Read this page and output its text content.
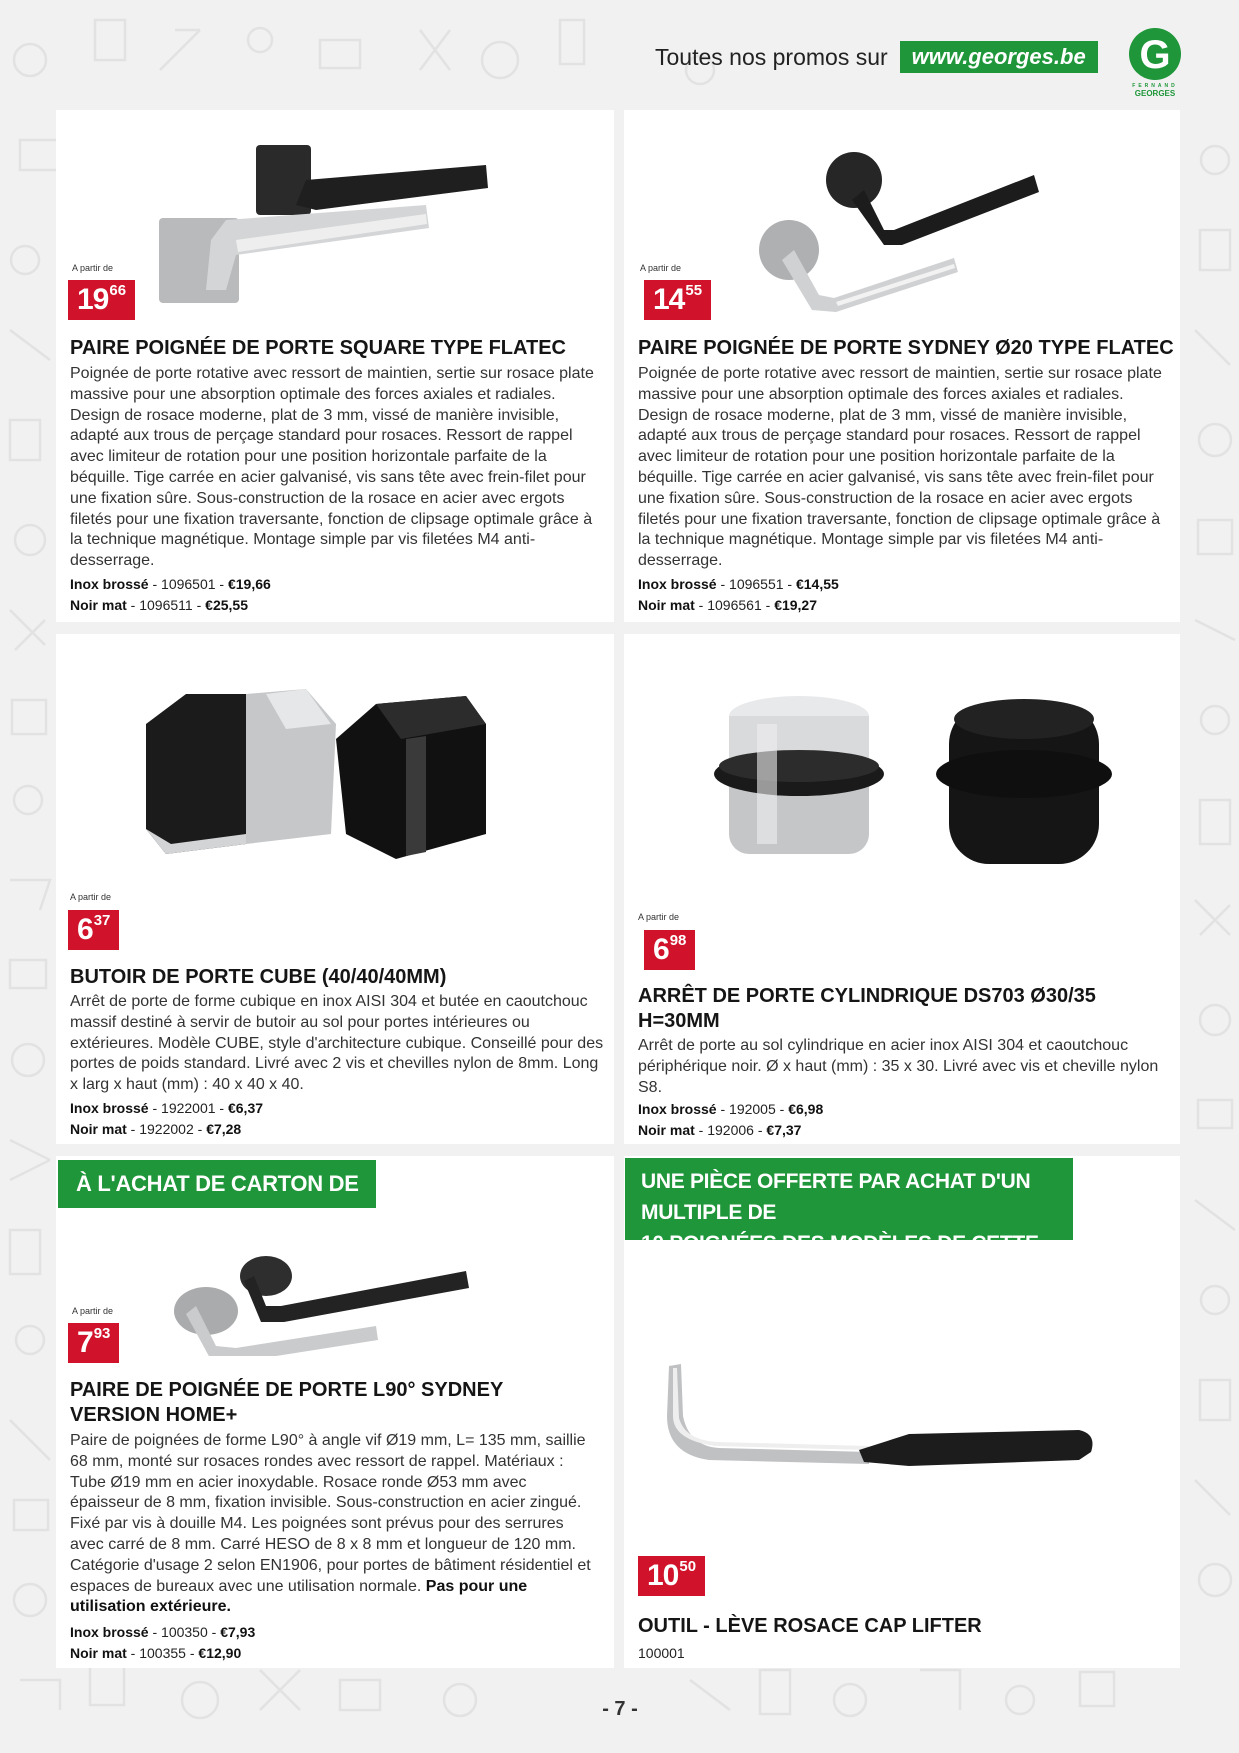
Toutes nos promos sur	www.georges.be	G
FERNAND
GEORGES
A partir de
19 66
PAIRE POIGNÉE DE PORTE SQUARE TYPE FLATEC
Poignée de porte rotative avec ressort de maintien, sertie sur rosace plate massive pour une absorption optimale des forces axiales et radiales. Design de rosace moderne, plat de 3 mm, vissé de manière invisible, adapté aux trous de perçage standard pour rosaces. Ressort de rappel avec limiteur de rotation pour une position horizontale parfaite de la béquille. Tige carrée en acier galvanisé, vis sans tête avec frein-filet pour une fixation sûre. Sous-construction de la rosace en acier avec ergots filetés pour une fixation traversante, fonction de clipsage optimale grâce à la technique magnétique. Montage simple par vis filetées M4 anti-desserrage.
Inox brossé - 1096501 - €19,66
Noir mat - 1096511 - €25,55
A partir de
14 55
PAIRE POIGNÉE DE PORTE SYDNEY Ø20 TYPE FLATEC
Poignée de porte rotative avec ressort de maintien, sertie sur rosace plate massive pour une absorption optimale des forces axiales et radiales. Design de rosace moderne, plat de 3 mm, vissé de manière invisible, adapté aux trous de perçage standard pour rosaces. Ressort de rappel avec limiteur de rotation pour une position horizontale parfaite de la béquille. Tige carrée en acier galvanisé, vis sans tête avec frein-filet pour une fixation sûre. Sous-construction de la rosace en acier avec ergots filetés pour une fixation traversante, fonction de clipsage optimale grâce à la technique magnétique. Montage simple par vis filetées M4 anti-desserrage.
Inox brossé - 1096551 - €14,55
Noir mat - 1096561 - €19,27
A partir de
6 37
BUTOIR DE PORTE CUBE (40/40/40MM)
Arrêt de porte de forme cubique en inox AISI 304 et butée en caoutchouc massif destiné à servir de butoir au sol pour portes intérieures ou extérieures. Modèle CUBE, style d'architecture cubique. Conseillé pour des portes de poids standard. Livré avec 2 vis et chevilles nylon de 8mm. Long x larg x haut (mm) : 40 x 40 x 40.
Inox brossé - 1922001 - €6,37
Noir mat - 1922002 - €7,28
A partir de
6 98
ARRÊT DE PORTE CYLINDRIQUE DS703 Ø30/35
H=30MM
Arrêt de porte au sol cylindrique en acier inox AISI 304 et caoutchouc périphérique noir. Ø x haut (mm) : 35 x 30. Livré avec vis et cheville nylon S8.
Inox brossé - 192005 - €6,98
Noir mat - 192006 - €7,37
À L'ACHAT DE CARTON DE 10 PIÈCES
A partir de
7 93
PAIRE DE POIGNÉE DE PORTE L90° SYDNEY
VERSION HOME+
Paire de poignées de forme L90° à angle vif Ø19 mm, L= 135 mm, saillie 68 mm, monté sur rosaces rondes avec ressort de rappel. Matériaux : Tube Ø19 mm en acier inoxydable. Rosace ronde Ø53 mm avec épaisseur de 8 mm, fixation invisible. Sous-construction en acier zingué. Fixé par vis à douille M4. Les poignées sont prévus pour des serrures avec carré de 8 mm. Carré HESO de 8 x 8 mm et longueur de 120 mm. Catégorie d'usage 2 selon EN1906, pour portes de bâtiment résidentiel et espaces de bureaux avec une utilisation normale. Pas pour une utilisation extérieure.
Inox brossé - 100350 - €7,93
Noir mat - 100355 - €12,90
UNE PIÈCE OFFERTE PAR ACHAT D'UN MULTIPLE DE
10 POIGNÉES DES MODÈLES DE CETTE PROMO
10 50
OUTIL - LÈVE ROSACE CAP LIFTER
100001
- 7 -
